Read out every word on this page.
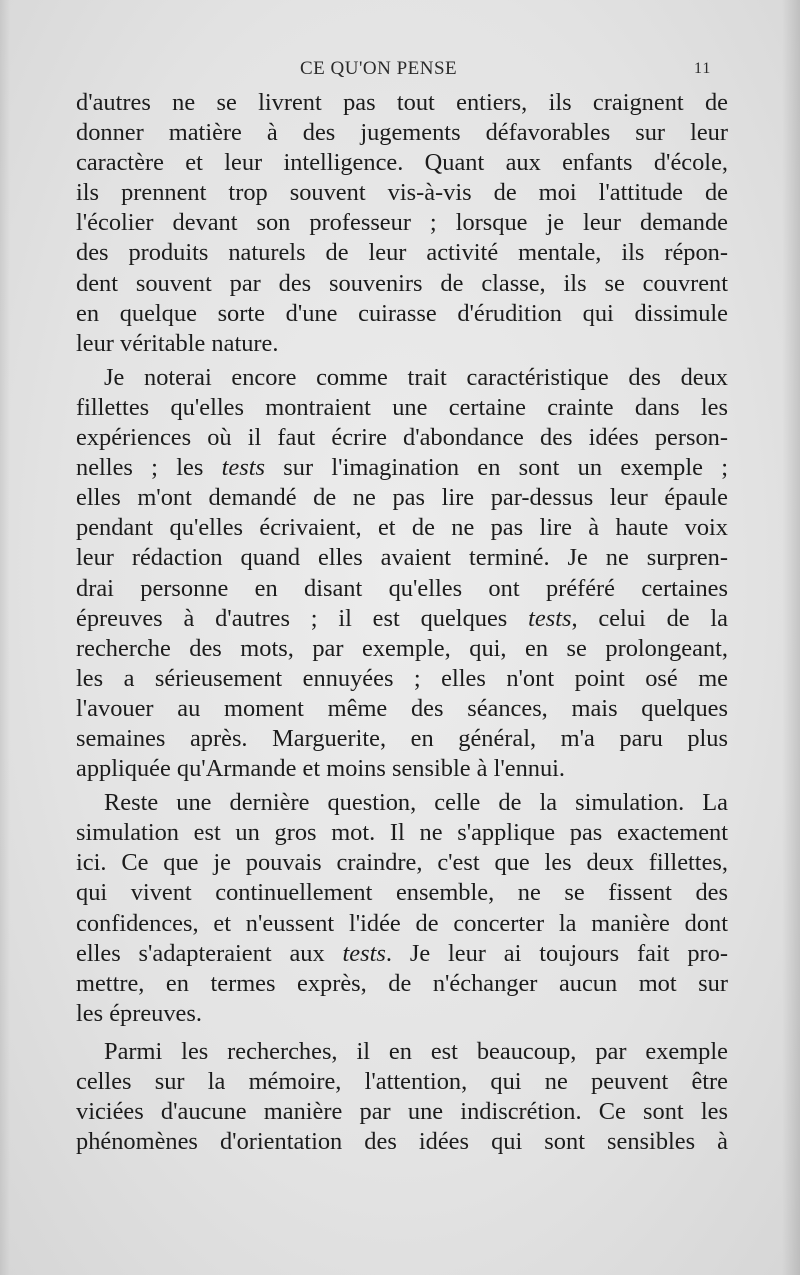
CE QU'ON PENSE	11
d'autres ne se livrent pas tout entiers, ils craignent de
donner matière à des jugements défavorables sur leur
caractère et leur intelligence. Quant aux enfants d'école,
ils prennent trop souvent vis-à-vis de moi l'attitude de
l'écolier devant son professeur ; lorsque je leur demande
des produits naturels de leur activité mentale, ils répon-
dent souvent par des souvenirs de classe, ils se couvrent
en quelque sorte d'une cuirasse d'érudition qui dissimule
leur véritable nature.
Je noterai encore comme trait caractéristique des deux
fillettes qu'elles montraient une certaine crainte dans les
expériences où il faut écrire d'abondance des idées person-
nelles ; les tests sur l'imagination en sont un exemple ;
elles m'ont demandé de ne pas lire par-dessus leur épaule
pendant qu'elles écrivaient, et de ne pas lire à haute voix
leur rédaction quand elles avaient terminé. Je ne surpren-
drai personne en disant qu'elles ont préféré certaines
épreuves à d'autres ; il est quelques tests, celui de la
recherche des mots, par exemple, qui, en se prolongeant,
les a sérieusement ennuyées ; elles n'ont point osé me
l'avouer au moment même des séances, mais quelques
semaines après. Marguerite, en général, m'a paru plus
appliquée qu'Armande et moins sensible à l'ennui.
Reste une dernière question, celle de la simulation. La
simulation est un gros mot. Il ne s'applique pas exactement
ici. Ce que je pouvais craindre, c'est que les deux fillettes,
qui vivent continuellement ensemble, ne se fissent des
confidences, et n'eussent l'idée de concerter la manière dont
elles s'adapteraient aux tests. Je leur ai toujours fait pro-
mettre, en termes exprès, de n'échanger aucun mot sur
les épreuves.
Parmi les recherches, il en est beaucoup, par exemple
celles sur la mémoire, l'attention, qui ne peuvent être
viciées d'aucune manière par une indiscrétion. Ce sont les
phénomènes d'orientation des idées qui sont sensibles à
